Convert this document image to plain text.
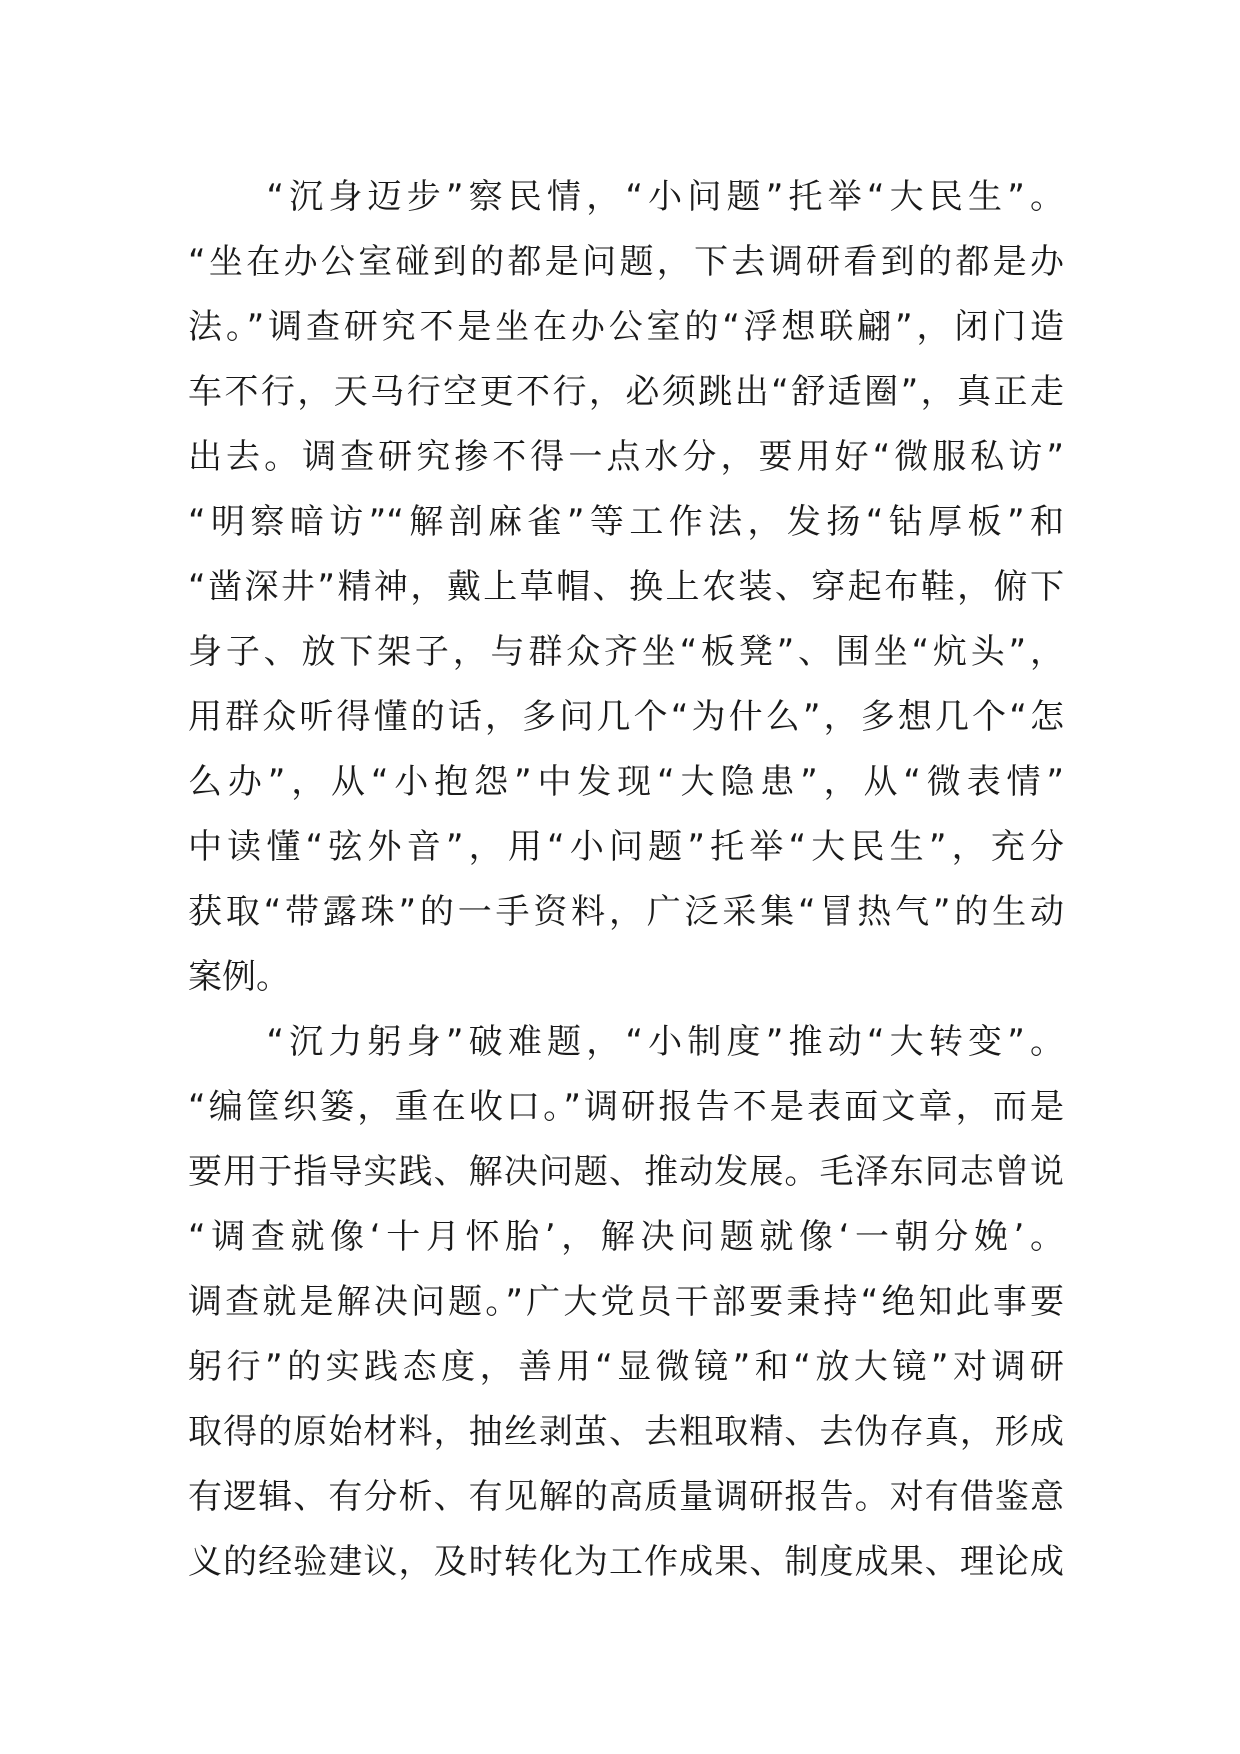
　　“沉身迈步”察民情，“小问题”托举“大民生”。
“坐在办公室碰到的都是问题，下去调研看到的都是办
法。”调查研究不是坐在办公室的“浮想联翩”，闭门造
车不行，天马行空更不行，必须跳出“舒适圈”，真正走
出去。调查研究掺不得一点水分，要用好“微服私访”
“明察暗访”“解剖麻雀”等工作法，发扬“钻厚板”和
“凿深井”精神，戴上草帽、换上农装、穿起布鞋，俯下
身子、放下架子，与群众齐坐“板凳”、围坐“炕头”，
用群众听得懂的话，多问几个“为什么”，多想几个“怎
么办”，从“小抱怨”中发现“大隐患”，从“微表情”
中读懂“弦外音”，用“小问题”托举“大民生”，充分
获取“带露珠”的一手资料，广泛采集“冒热气”的生动
案例。
　　“沉力躬身”破难题，“小制度”推动“大转变”。
“编筐织篓，重在收口。”调研报告不是表面文章，而是
要用于指导实践、解决问题、推动发展。毛泽东同志曾说
“调查就像‘十月怀胎’，解决问题就像‘一朝分娩’。
调查就是解决问题。”广大党员干部要秉持“绝知此事要
躬行”的实践态度，善用“显微镜”和“放大镜”对调研
取得的原始材料，抽丝剥茧、去粗取精、去伪存真，形成
有逻辑、有分析、有见解的高质量调研报告。对有借鉴意
义的经验建议，及时转化为工作成果、制度成果、理论成
